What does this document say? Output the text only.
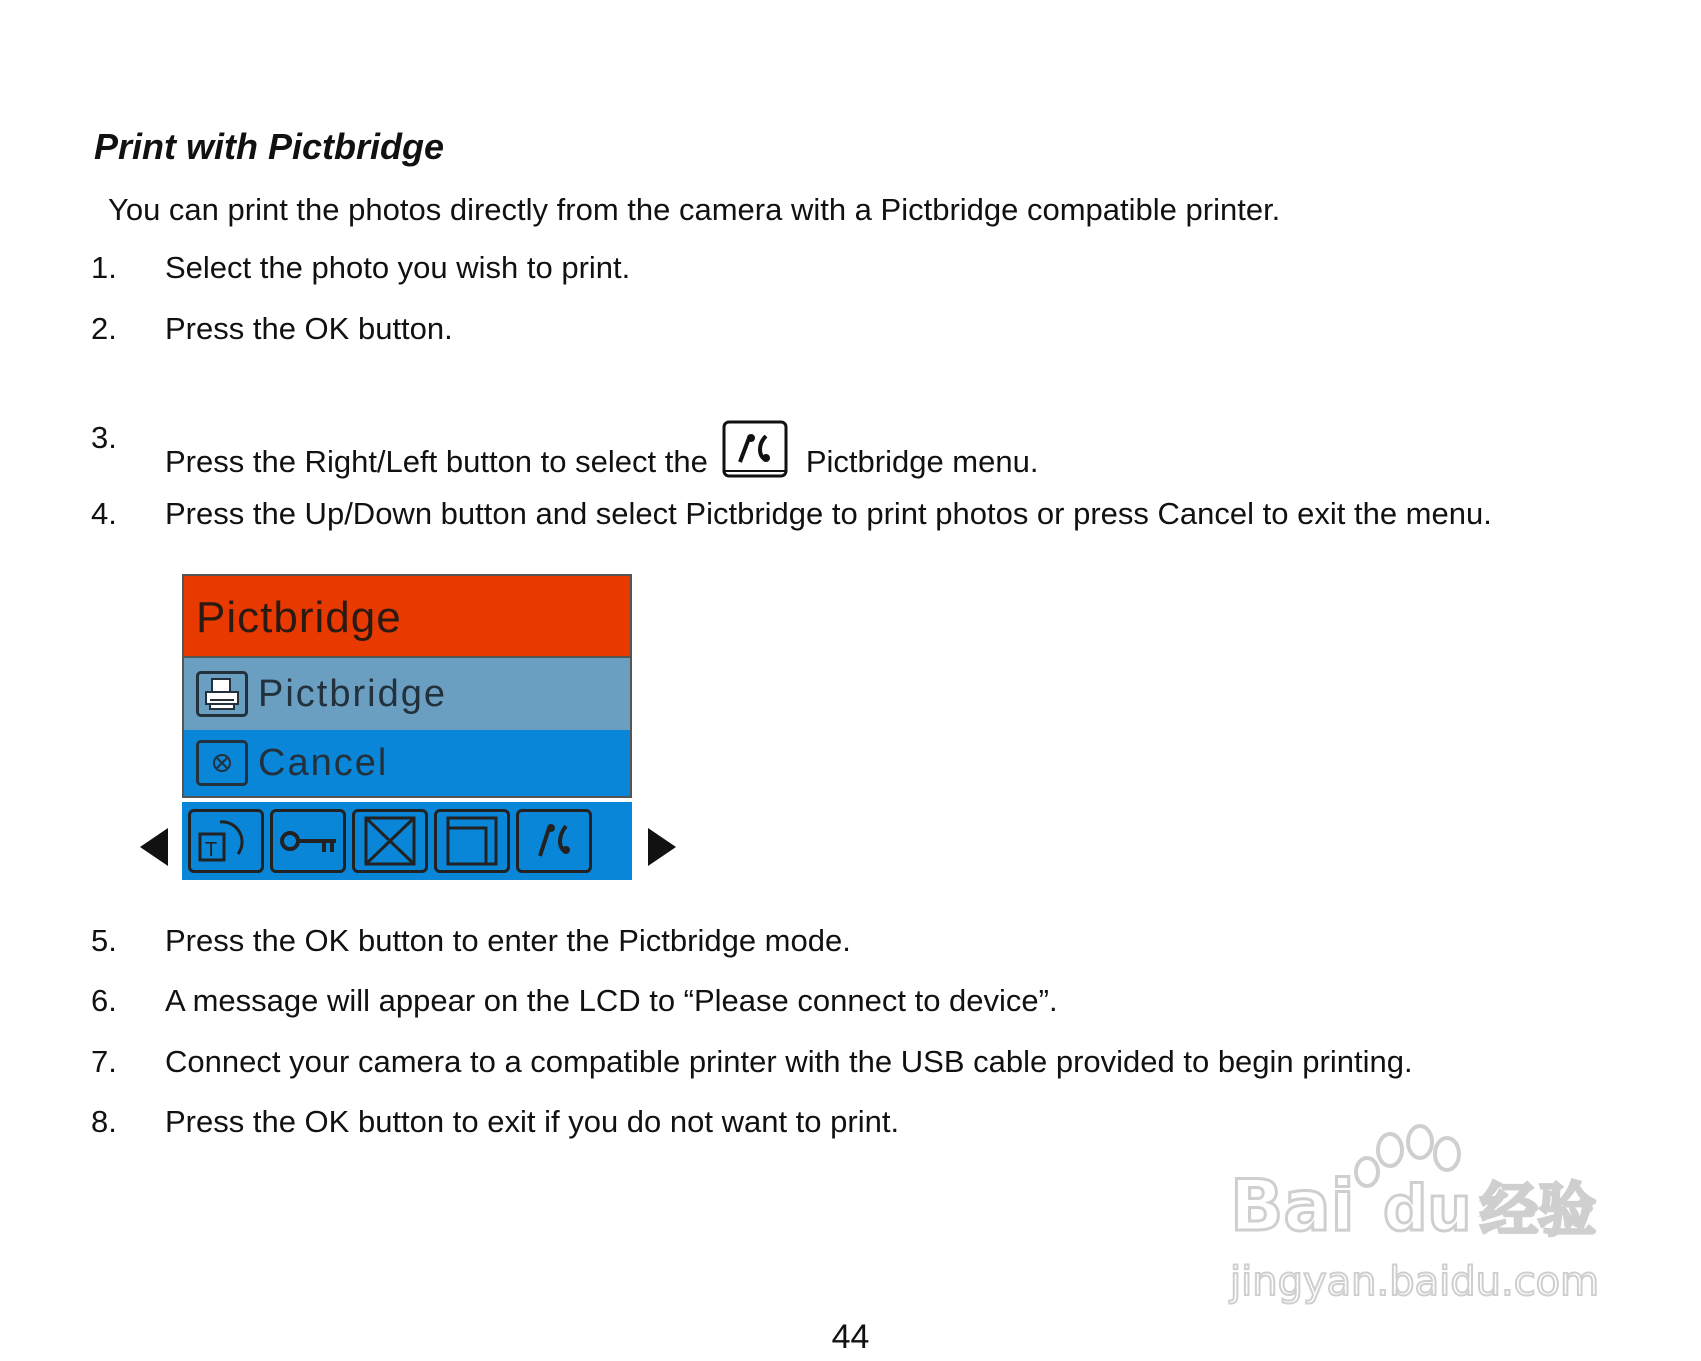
Print with Pictbridge
You can print the photos directly from the camera with a Pictbridge compatible printer.
1. Select the photo you wish to print.
2. Press the OK button.
3.
Press the Right/Left button to select the	Pictbridge menu.
4. Press the Up/Down button and select Pictbridge to print photos or press Cancel to exit the menu.
Pictbridge
Pictbridge
Cancel
T
5. Press the OK button to enter the Pictbridge mode.
6. A message will appear on the LCD to “Please connect to device”.
7. Connect your camera to a compatible printer with the USB cable provided to begin printing.
8. Press the OK button to exit if you do not want to print.
Bai du 经验
jingyan.baidu.com
44
